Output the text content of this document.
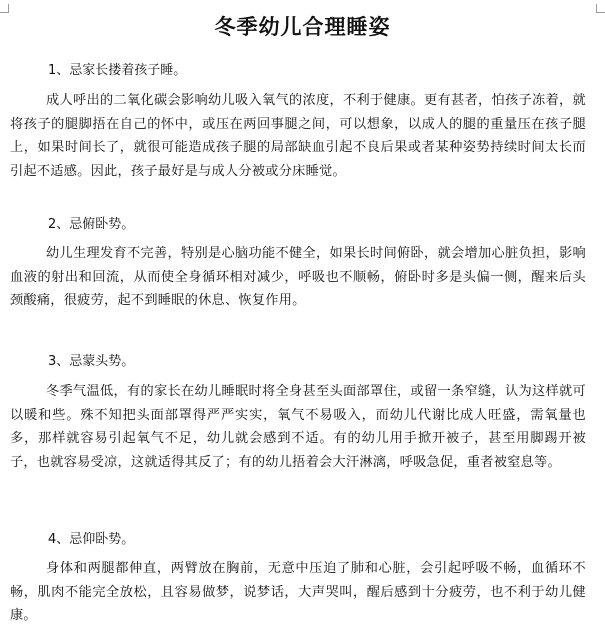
冬季幼儿合理睡姿

1、忌家长搂着孩子睡。

成人呼出的二氧化碳会影响幼儿吸入氧气的浓度，不利于健康。更有甚者，怕孩子冻着，就将孩子的腿脚捂在自己的怀中，或压在两回事腿之间，可以想象，以成人的腿的重量压在孩子腿上，如果时间长了，就很可能造成孩子腿的局部缺血引起不良后果或者某种姿势持续时间太长而引起不适感。因此，孩子最好是与成人分被或分床睡觉。

2、忌俯卧势。

幼儿生理发育不完善，特别是心脑功能不健全，如果长时间俯卧，就会增加心脏负担，影响血液的射出和回流，从而使全身循环相对减少，呼吸也不顺畅，俯卧时多是头偏一侧，醒来后头颈酸痛，很疲劳，起不到睡眠的休息、恢复作用。

3、忌蒙头势。

冬季气温低，有的家长在幼儿睡眠时将全身甚至头面部罩住，或留一条窄缝，认为这样就可以暖和些。殊不知把头面部罩得严严实实，氧气不易吸入，而幼儿代谢比成人旺盛，需氧量也多，那样就容易引起氧气不足，幼儿就会感到不适。有的幼儿用手掀开被子，甚至用脚踢开被子，也就容易受凉，这就适得其反了；有的幼儿捂着会大汗淋漓，呼吸急促，重者被窒息等。

4、忌仰卧势。

身体和两腿都伸直，两臂放在胸前，无意中压迫了肺和心脏，会引起呼吸不畅，血循环不畅，肌肉不能完全放松，且容易做梦，说梦话，大声哭叫，醒后感到十分疲劳，也不利于幼儿健康。
